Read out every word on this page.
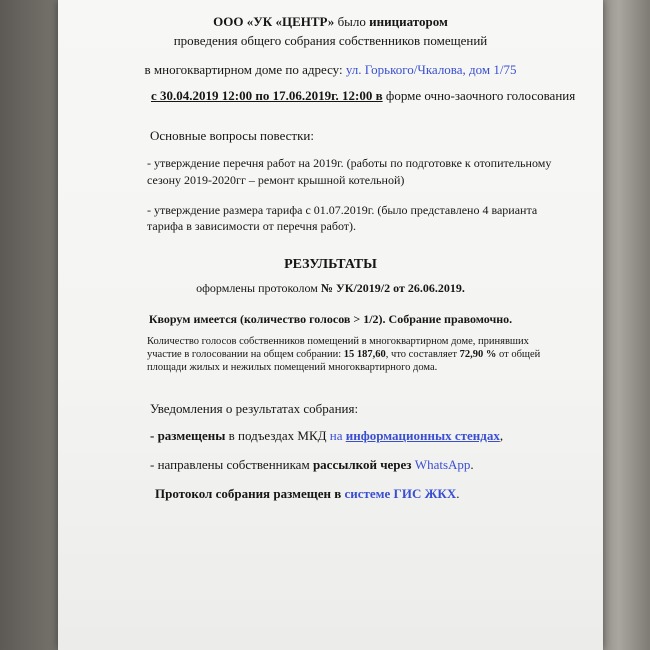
ООО «УК «ЦЕНТР» было инициатором
проведения общего собрания собственников помещений
в многоквартирном доме по адресу: ул. Горького/Чкалова, дом 1/75
с 30.04.2019 12:00 по 17.06.2019г. 12:00 в форме очно-заочного голосования
Основные вопросы повестки:
- утверждение перечня работ на 2019г. (работы по подготовке к отопительному
сезону 2019-2020гг – ремонт крышной котельной)
- утверждение размера тарифа с 01.07.2019г. (было представлено 4 варианта
тарифа в зависимости от перечня работ).
РЕЗУЛЬТАТЫ
оформлены протоколом № УК/2019/2 от 26.06.2019.
Кворум имеется (количество голосов > 1/2). Собрание правомочно.
Количество голосов собственников помещений в многоквартирном доме, принявших
участие в голосовании на общем собрании: 15 187,60, что составляет 72,90 % от общей
площади жилых и нежилых помещений многоквартирного дома.
Уведомления о результатах собрания:
- размещены в подъездах МКД на информационных стендах,
- направлены собственникам рассылкой через WhatsApp.
Протокол собрания размещен в системе ГИС ЖКХ.
